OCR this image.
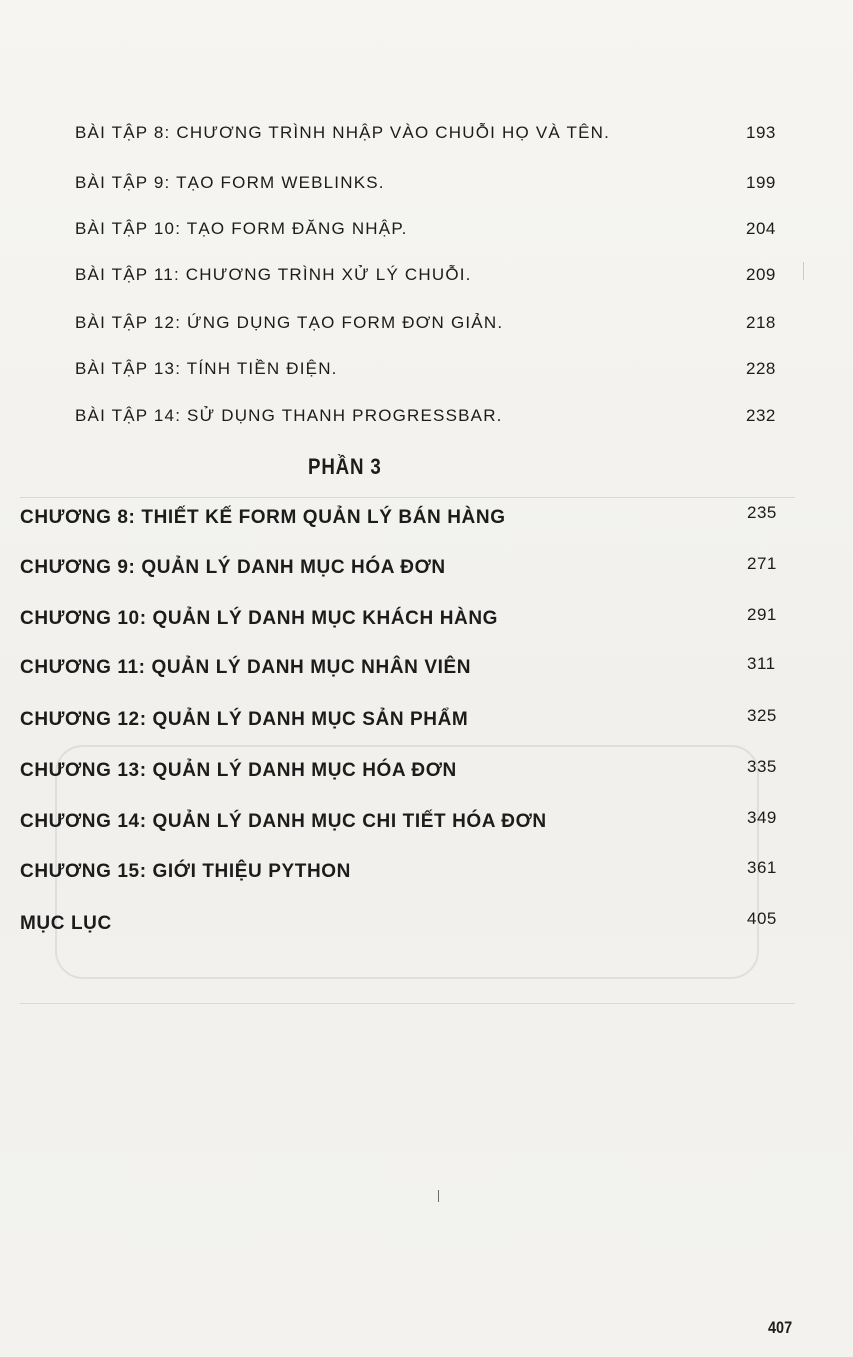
BÀI TẬP 8: CHƯƠNG TRÌNH NHẬP VÀO CHUỖI HỌ VÀ TÊN.	193
BÀI TẬP 9: TẠO FORM WEBLINKS.	199
BÀI TẬP 10: TẠO FORM ĐĂNG NHẬP.	204
BÀI TẬP 11: CHƯƠNG TRÌNH XỬ LÝ CHUỖI.	209
BÀI TẬP 12: ỨNG DỤNG TẠO FORM ĐƠN GIẢN.	218
BÀI TẬP 13: TÍNH TIỀN ĐIỆN.	228
BÀI TẬP 14: SỬ DỤNG THANH PROGRESSBAR.	232
PHẦN 3
CHƯƠNG 8: THIẾT KẾ FORM QUẢN LÝ BÁN HÀNG	235
CHƯƠNG 9: QUẢN LÝ DANH MỤC HÓA ĐƠN	271
CHƯƠNG 10: QUẢN LÝ DANH MỤC KHÁCH HÀNG	291
CHƯƠNG 11: QUẢN LÝ DANH MỤC NHÂN VIÊN	311
CHƯƠNG 12: QUẢN LÝ DANH MỤC SẢN PHẨM	325
CHƯƠNG 13: QUẢN LÝ DANH MỤC HÓA ĐƠN	335
CHƯƠNG 14: QUẢN LÝ DANH MỤC CHI TIẾT HÓA ĐƠN	349
CHƯƠNG 15: GIỚI THIỆU PYTHON	361
MỤC LỤC	405
407
